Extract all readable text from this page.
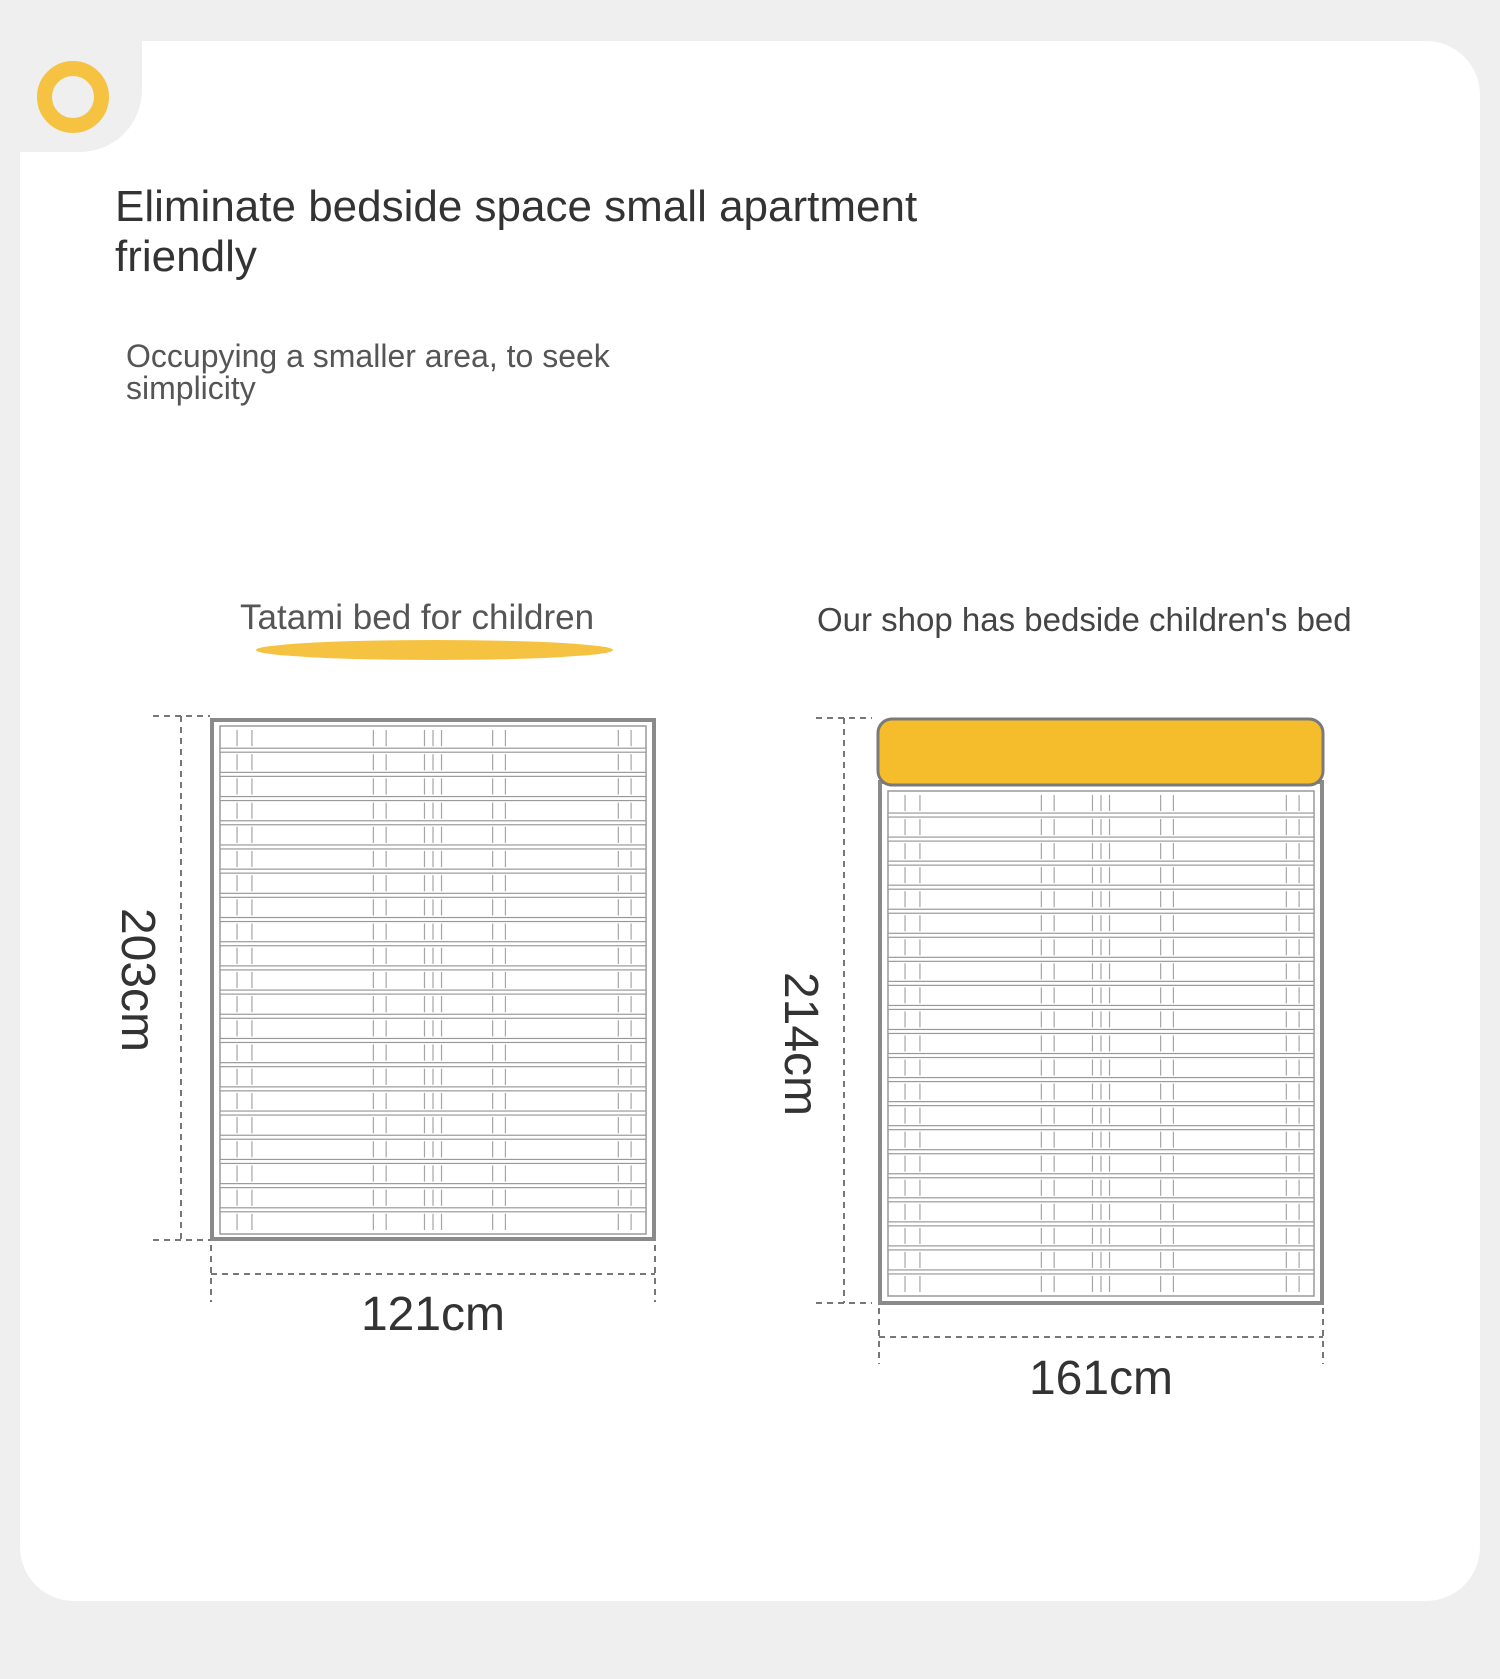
Eliminate bedside space small apartment friendly

Occupying a smaller area, to seek simplicity

Tatami bed for children	Our shop has bedside children's bed
121cm
203cm
161cm
214cm
